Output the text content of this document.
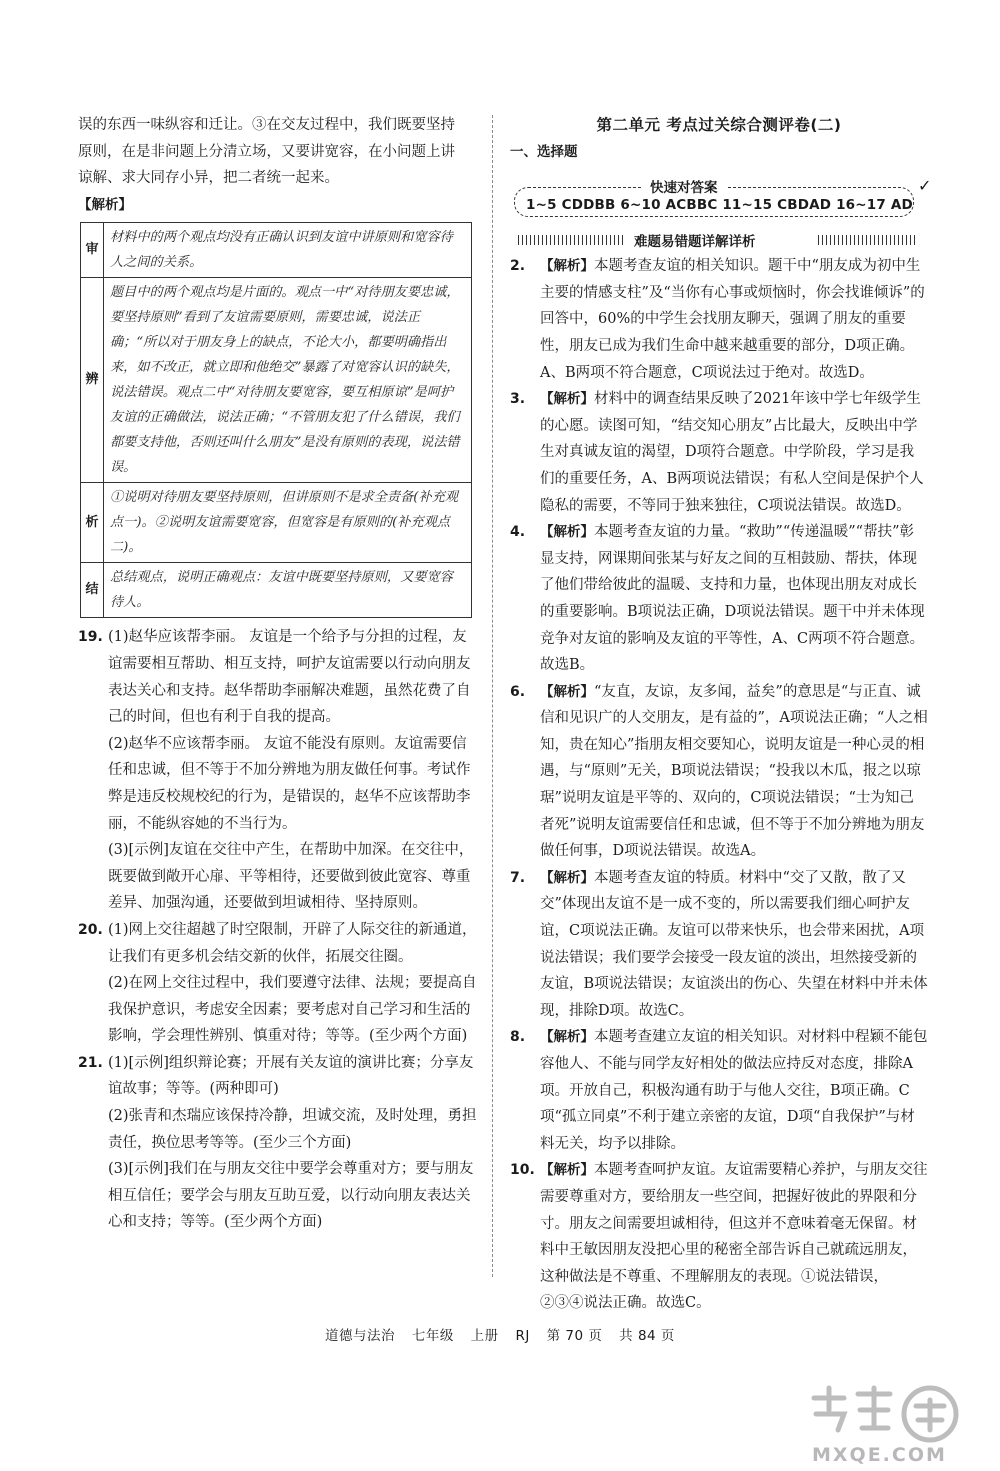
误的东西一味纵容和迁让。③在交友过程中，我们既要坚持

原则，在是非问题上分清立场，又要讲宽容，在小问题上讲

谅解、求大同存小异，把二者统一起来。

【解析】

审	材料中的两个观点均没有正确认识到友谊中讲原则和宽容待人之间的关系。
辨	题目中的两个观点均是片面的。观点一中“对待朋友要忠诚，要坚持原则”看到了友谊需要原则，需要忠诚，说法正确；“所以对于朋友身上的缺点，不论大小，都要明确指出来，如不改正，就立即和他绝交”暴露了对宽容认识的缺失，说法错误。观点二中“对待朋友要宽容，要互相原谅”是呵护友谊的正确做法，说法正确；“不管朋友犯了什么错误，我们都要支持他，否则还叫什么朋友”是没有原则的表现，说法错误。
析	①说明对待朋友要坚持原则，但讲原则不是求全责备(补充观点一)。②说明友谊需要宽容，但宽容是有原则的(补充观点二)。
结	总结观点，说明正确观点：友谊中既要坚持原则，又要宽容待人。
19. (1)赵华应该帮李丽。 友谊是一个给予与分担的过程，友谊需要相互帮助、相互支持，呵护友谊需要以行动向朋友表达关心和支持。赵华帮助李丽解决难题，虽然花费了自己的时间，但也有利于自我的提高。

(2)赵华不应该帮李丽。 友谊不能没有原则。友谊需要信任和忠诚，但不等于不加分辨地为朋友做任何事。考试作弊是违反校规校纪的行为，是错误的，赵华不应该帮助李丽，不能纵容她的不当行为。

(3)[示例]友谊在交往中产生，在帮助中加深。在交往中，既要做到敞开心扉、平等相待，还要做到彼此宽容、尊重差异、加强沟通，还要做到坦诚相待、坚持原则。

20. (1)网上交往超越了时空限制，开辟了人际交往的新通道，让我们有更多机会结交新的伙伴，拓展交往圈。

(2)在网上交往过程中，我们要遵守法律、法规；要提高自我保护意识，考虑安全因素；要考虑对自己学习和生活的影响，学会理性辨别、慎重对待；等等。(至少两个方面)

21. (1)[示例]组织辩论赛；开展有关友谊的演讲比赛；分享友谊故事；等等。(两种即可)

(2)张青和杰瑞应该保持冷静，坦诚交流，及时处理，勇担责任，换位思考等等。(至少三个方面)

(3)[示例]我们在与朋友交往中要学会尊重对方；要与朋友相互信任；要学会与朋友互助互爱，以行动向朋友表达关心和支持；等等。(至少两个方面)

第二单元 考点过关综合测评卷(二)

一、选择题

快速对答案	✓
1~5 CDDBB 6~10 ACBBC 11~15 CBDAD 16~17 AD
难题易错题详解详析
2. 【解析】本题考查友谊的相关知识。题干中“朋友成为初中生主要的情感支柱”及“当你有心事或烦恼时，你会找谁倾诉”的回答中，60%的中学生会找朋友聊天，强调了朋友的重要性，朋友已成为我们生命中越来越重要的部分，D项正确。A、B两项不符合题意，C项说法过于绝对。故选D。

3. 【解析】材料中的调查结果反映了2021年该中学七年级学生的心愿。读图可知，“结交知心朋友”占比最大，反映出中学生对真诚友谊的渴望，D项符合题意。中学阶段，学习是我们的重要任务，A、B两项说法错误；有私人空间是保护个人隐私的需要，不等同于独来独往，C项说法错误。故选D。

4. 【解析】本题考查友谊的力量。“救助”“传递温暖”“帮扶”彰显支持，网课期间张某与好友之间的互相鼓励、帮扶，体现了他们带给彼此的温暖、支持和力量，也体现出朋友对成长的重要影响。B项说法正确，D项说法错误。题干中并未体现竞争对友谊的影响及友谊的平等性，A、C两项不符合题意。故选B。

6. 【解析】“友直，友谅，友多闻，益矣”的意思是“与正直、诚信和见识广的人交朋友，是有益的”，A项说法正确；“人之相知，贵在知心”指朋友相交要知心，说明友谊是一种心灵的相遇，与“原则”无关，B项说法错误；“投我以木瓜，报之以琼琚”说明友谊是平等的、双向的，C项说法错误；“士为知己者死”说明友谊需要信任和忠诚，但不等于不加分辨地为朋友做任何事，D项说法错误。故选A。

7. 【解析】本题考查友谊的特质。材料中“交了又散，散了又交”体现出友谊不是一成不变的，所以需要我们细心呵护友谊，C项说法正确。友谊可以带来快乐，也会带来困扰，A项说法错误；我们要学会接受一段友谊的淡出，坦然接受新的友谊，B项说法错误；友谊淡出的伤心、失望在材料中并未体现，排除D项。故选C。

8. 【解析】本题考查建立友谊的相关知识。对材料中程颖不能包容他人、不能与同学友好相处的做法应持反对态度，排除A项。开放自己，积极沟通有助于与他人交往，B项正确。C项“孤立同桌”不利于建立亲密的友谊，D项“自我保护”与材料无关，均予以排除。

10. 【解析】本题考查呵护友谊。友谊需要精心养护，与朋友交往需要尊重对方，要给朋友一些空间，把握好彼此的界限和分寸。朋友之间需要坦诚相待，但这并不意味着毫无保留。材料中王敏因朋友没把心里的秘密全部告诉自己就疏远朋友，这种做法是不尊重、不理解朋友的表现。①说法错误，②③④说法正确。故选C。

道德与法治 七年级 上册 RJ 第 70 页 共 84 页
MXQE.COM
